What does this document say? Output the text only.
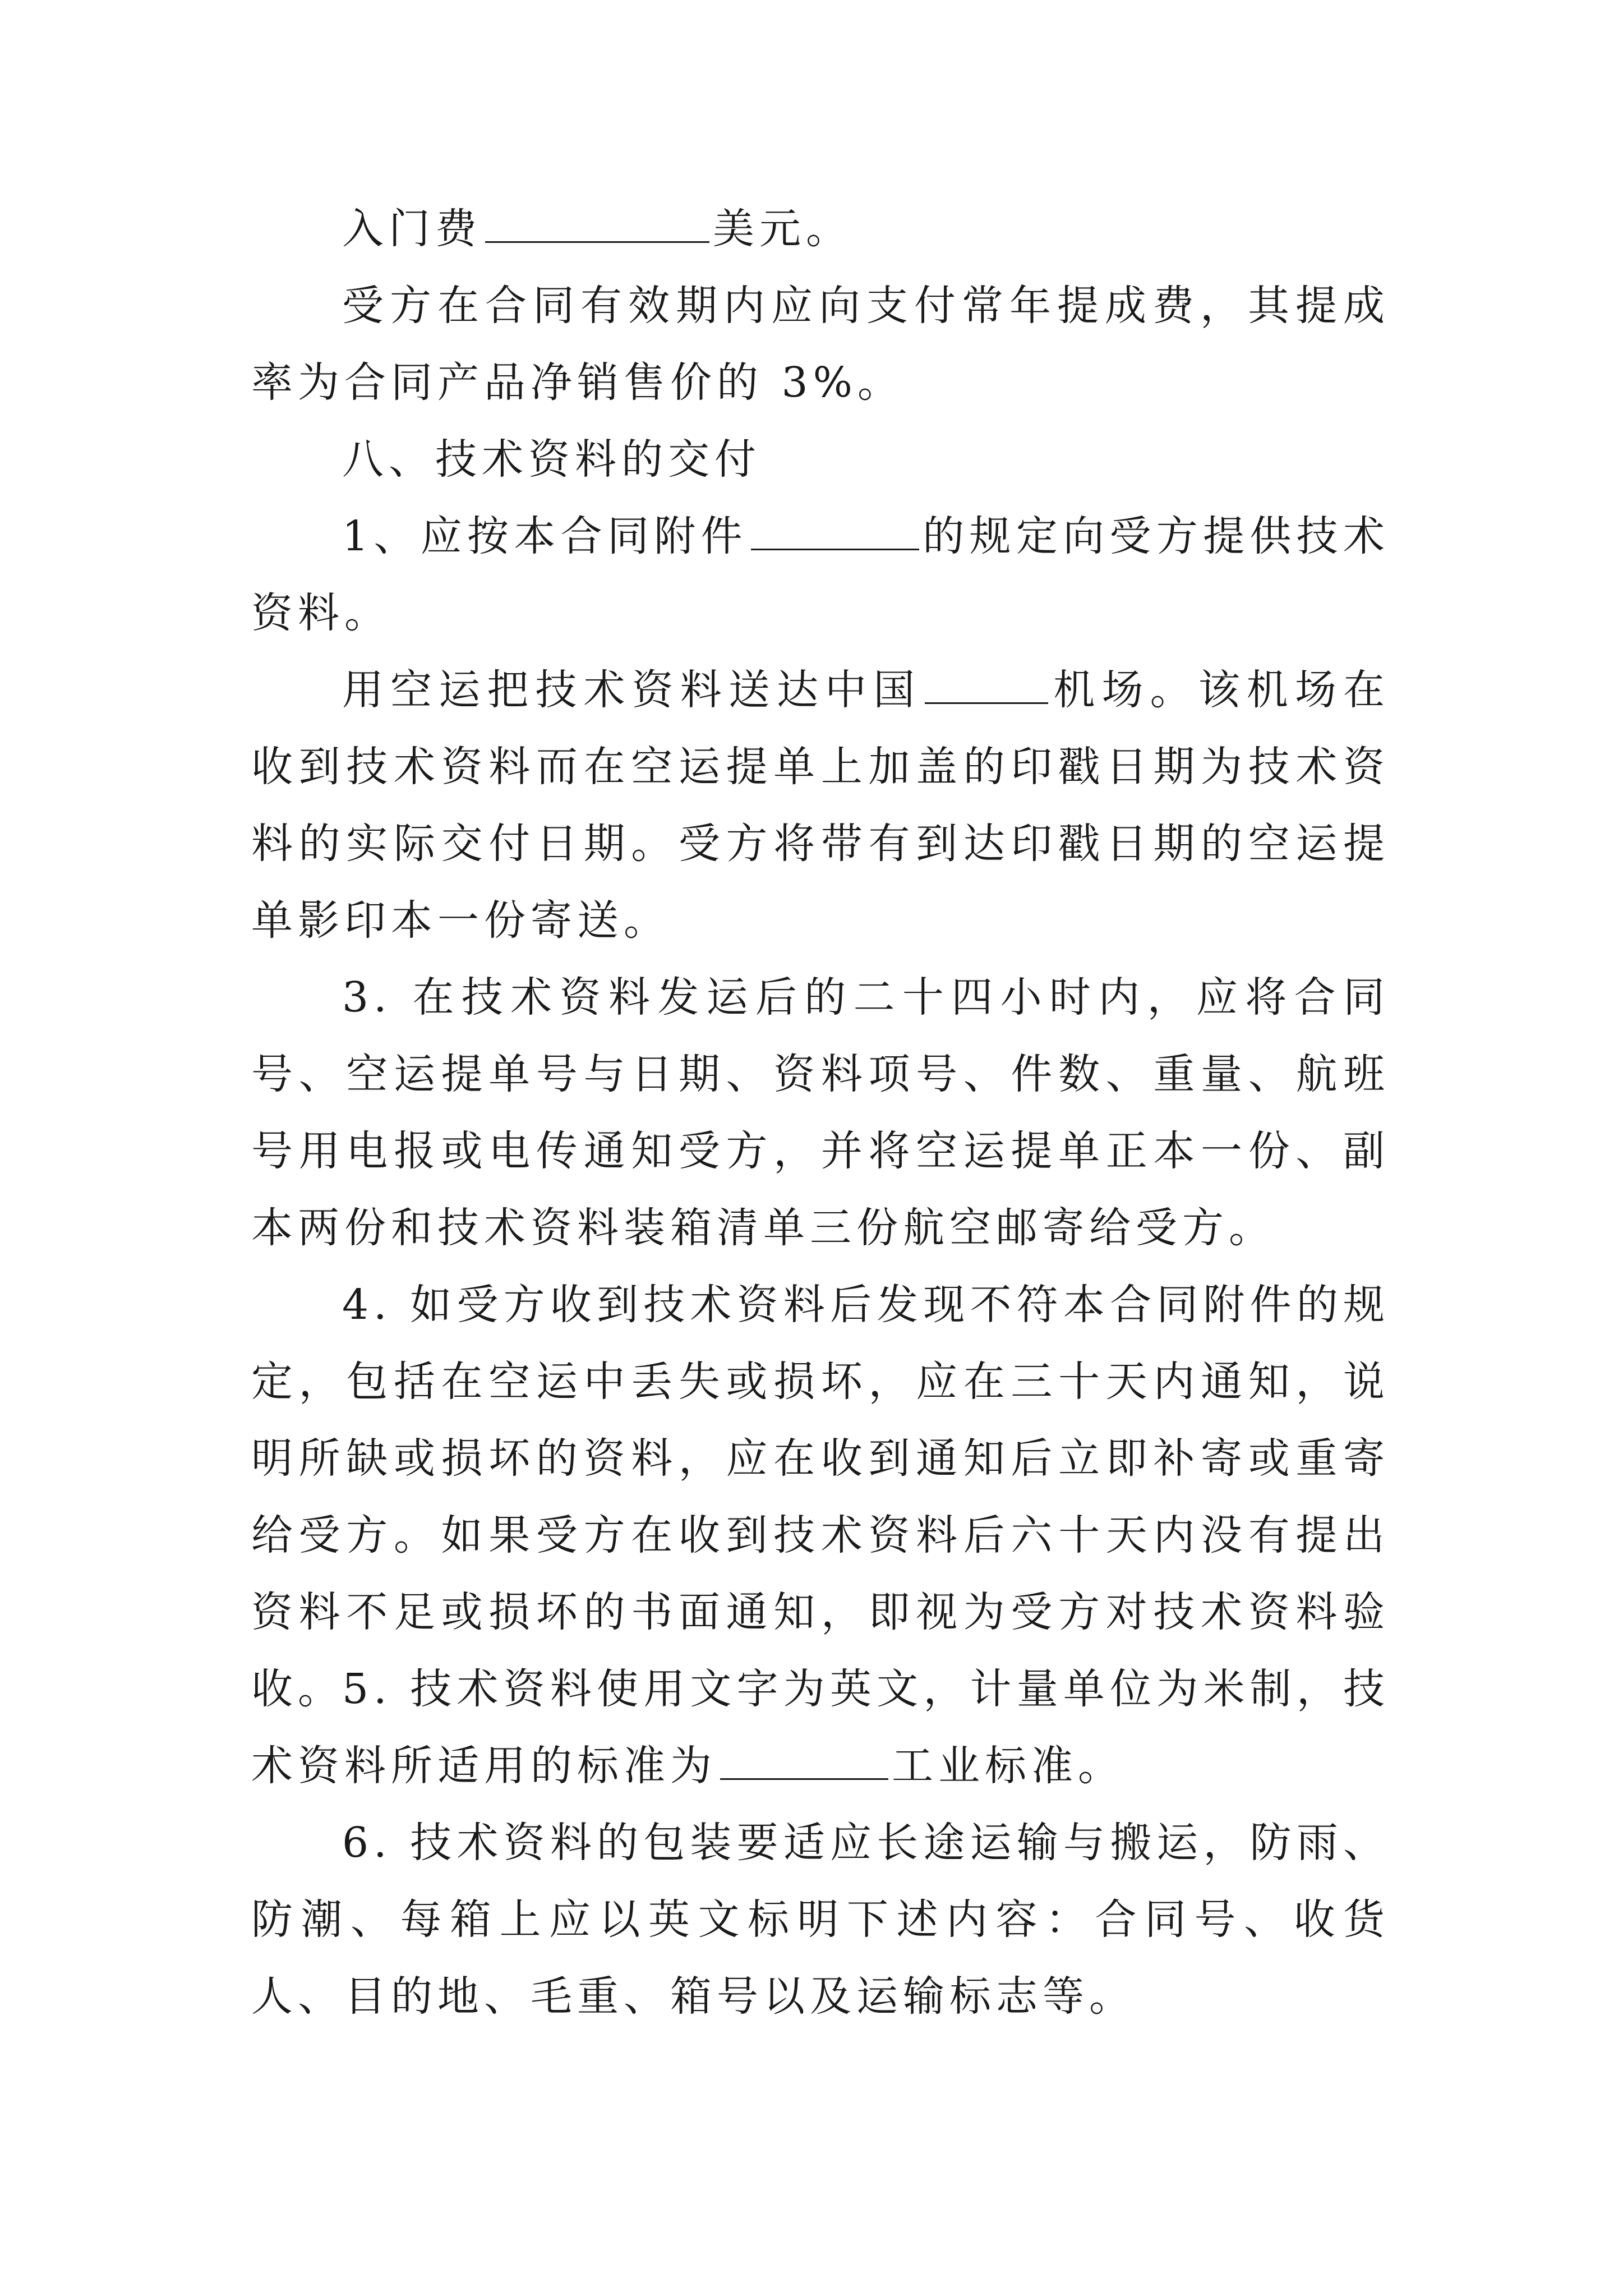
入门费	美元。

受方在合同有效期内应向支付常年提成费，其提成率为合同产品净销售价的 3%。

八、技术资料的交付

1、应按本合同附件	的规定向受方提供技术资料。

用空运把技术资料送达中国	机场。该机场在收到技术资料而在空运提单上加盖的印戳日期为技术资料的实际交付日期。受方将带有到达印戳日期的空运提单影印本一份寄送。

3. 在技术资料发运后的二十四小时内，应将合同号、空运提单号与日期、资料项号、件数、重量、航班号用电报或电传通知受方，并将空运提单正本一份、副本两份和技术资料装箱清单三份航空邮寄给受方。

4. 如受方收到技术资料后发现不符本合同附件的规定，包括在空运中丢失或损坏，应在三十天内通知，说明所缺或损坏的资料，应在收到通知后立即补寄或重寄给受方。如果受方在收到技术资料后六十天内没有提出资料不足或损坏的书面通知，即视为受方对技术资料验收。

5. 技术资料使用文字为英文，计量单位为米制，技术资料所适用的标准为	工业标准。

6. 技术资料的包装要适应长途运输与搬运，防雨、防潮、每箱上应以英文标明下述内容：合同号、收货人、目的地、毛重、箱号以及运输标志等。
